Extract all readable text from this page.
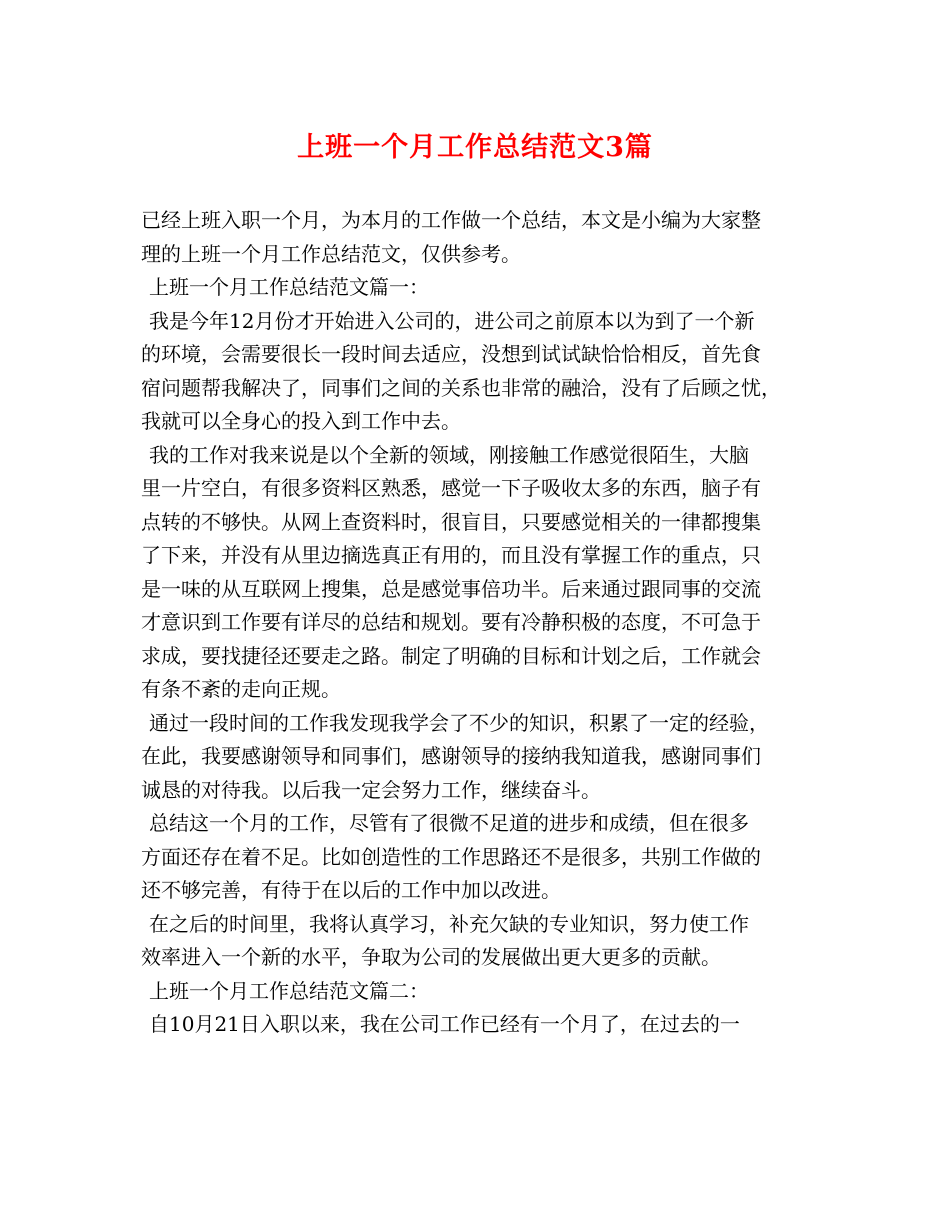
上班一个月工作总结范文3篇
已经上班入职一个月，为本月的工作做一个总结，本文是小编为大家整
理的上班一个月工作总结范文，仅供参考。
上班一个月工作总结范文篇一：
我是今年12月份才开始进入公司的，进公司之前原本以为到了一个新
的环境，会需要很长一段时间去适应，没想到试试缺恰恰相反，首先食
宿问题帮我解决了，同事们之间的关系也非常的融洽，没有了后顾之忧，
我就可以全身心的投入到工作中去。
我的工作对我来说是以个全新的领域，刚接触工作感觉很陌生，大脑
里一片空白，有很多资料区熟悉，感觉一下子吸收太多的东西，脑子有
点转的不够快。从网上查资料时，很盲目，只要感觉相关的一律都搜集
了下来，并没有从里边摘选真正有用的，而且没有掌握工作的重点，只
是一味的从互联网上搜集，总是感觉事倍功半。后来通过跟同事的交流
才意识到工作要有详尽的总结和规划。要有冷静积极的态度，不可急于
求成，要找捷径还要走之路。制定了明确的目标和计划之后，工作就会
有条不紊的走向正规。
通过一段时间的工作我发现我学会了不少的知识，积累了一定的经验，
在此，我要感谢领导和同事们，感谢领导的接纳我知道我，感谢同事们
诚恳的对待我。以后我一定会努力工作，继续奋斗。
总结这一个月的工作，尽管有了很微不足道的进步和成绩，但在很多
方面还存在着不足。比如创造性的工作思路还不是很多，共别工作做的
还不够完善，有待于在以后的工作中加以改进。
在之后的时间里，我将认真学习，补充欠缺的专业知识，努力使工作
效率进入一个新的水平，争取为公司的发展做出更大更多的贡献。
上班一个月工作总结范文篇二：
自10月21日入职以来，我在公司工作已经有一个月了，在过去的一
